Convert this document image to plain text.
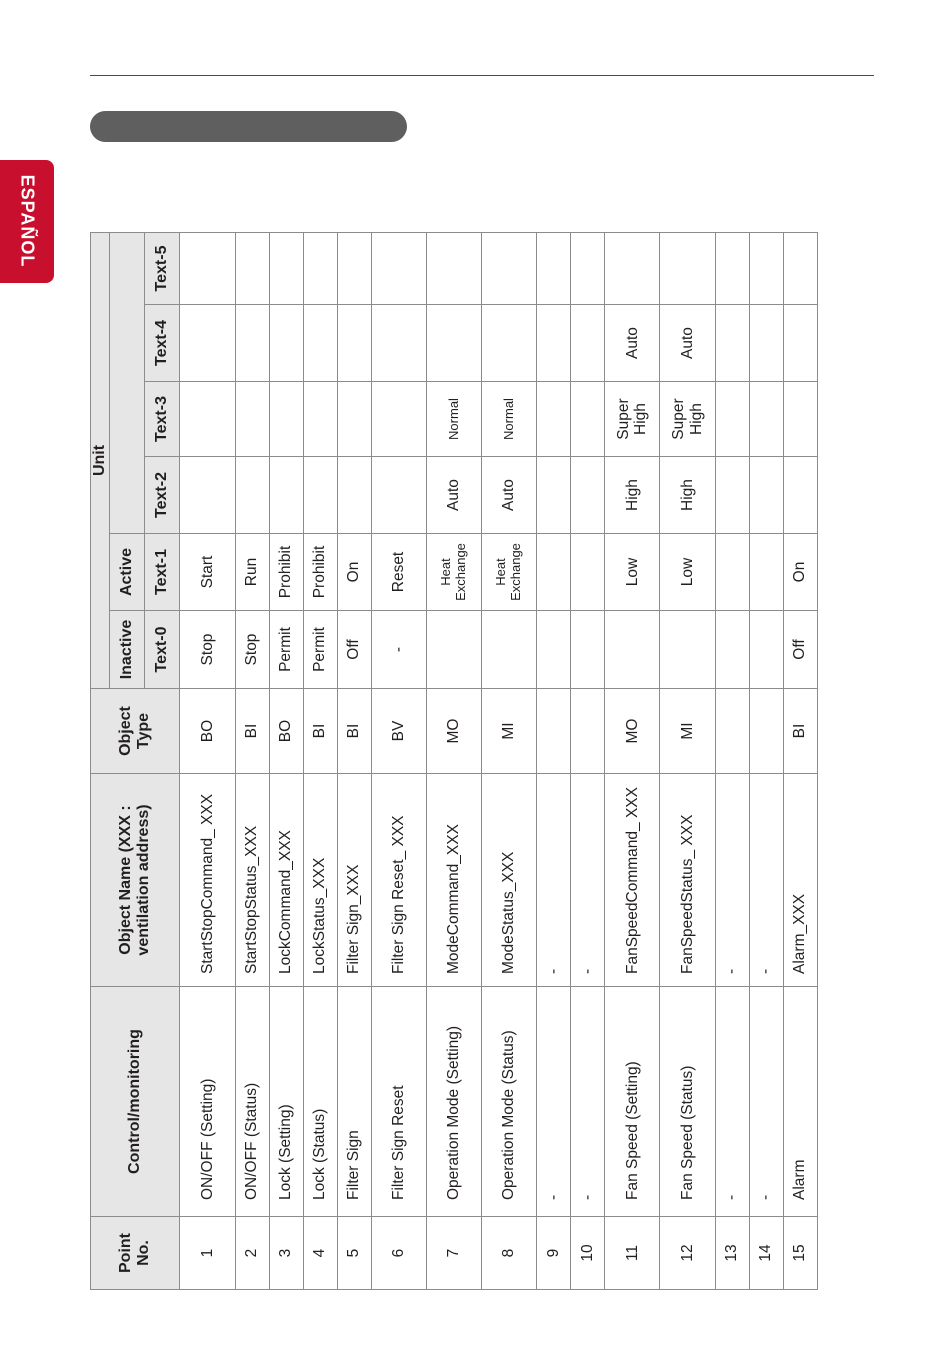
ESPAÑOL
Point No.	Control/monitoring	Object Name (XXX : ventilation address)	Object Type	Unit					
				Inactive	Active				
				Text-0	Text-1	Text-2	Text-3	Text-4	Text-5
1	ON/OFF (Setting)	StartStopCommand_ XXX	BO	Stop	Start				
2	ON/OFF (Status)	StartStopStatus_XXX	BI	Stop	Run				
3	Lock (Setting)	LockCommand_XXX	BO	Permit	Prohibit				
4	Lock (Status)	LockStatus_XXX	BI	Permit	Prohibit				
5	Filter Sign	Filter Sign_XXX	BI	Off	On				
6	Filter Sign Reset	Filter Sign Reset_ XXX	BV	-	Reset				
7	Operation Mode (Setting)	ModeCommand_XXX	MO		Heat Exchange	Auto	Normal		
8	Operation Mode (Status)	ModeStatus_XXX	MI		Heat Exchange	Auto	Normal		
9	-	-							
10	-	-							
11	Fan Speed (Setting)	FanSpeedCommand_ XXX	MO		Low	High	Super High	Auto	
12	Fan Speed (Status)	FanSpeedStatus_ XXX	MI		Low	High	Super High	Auto	
13	-	-							
14	-	-							
15	Alarm	Alarm_XXX	BI	Off	On				
